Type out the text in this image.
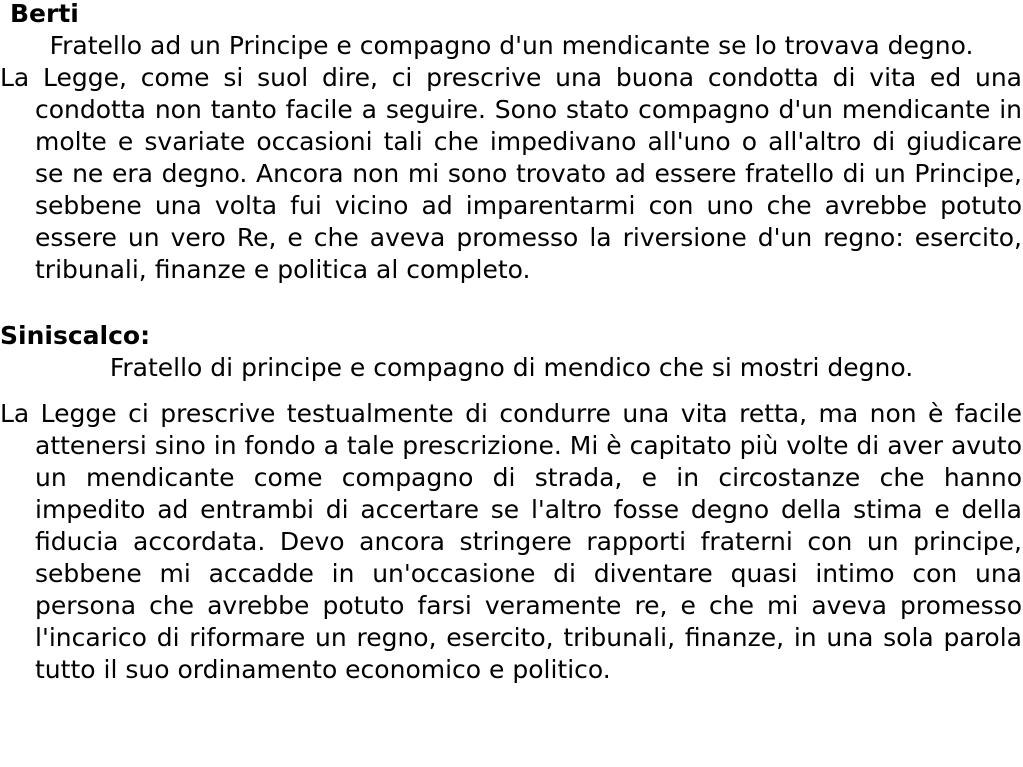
Berti

Fratello ad un Principe e compagno d'un mendicante se lo trovava degno.

La Legge, come si suol dire, ci prescrive una buona condotta di vita ed una condotta non tanto facile a seguire. Sono stato compagno d'un mendicante in molte e svariate occasioni tali che impedivano all'uno o all'altro di giudicare se ne era degno. Ancora non mi sono trovato ad essere fratello di un Principe, sebbene una volta fui vicino ad imparentarmi con uno che avrebbe potuto essere un vero Re, e che aveva promesso la riversione d'un regno: esercito, tribunali, finanze e politica al completo.

Siniscalco:

Fratello di principe e compagno di mendico che si mostri degno.

La Legge ci prescrive testualmente di condurre una vita retta, ma non è facile attenersi sino in fondo a tale prescrizione. Mi è capitato più volte di aver avuto un mendicante come compagno di strada, e in circostanze che hanno impedito ad entrambi di accertare se l'altro fosse degno della stima e della fiducia accordata. Devo ancora stringere rapporti fraterni con un principe, sebbene mi accadde in un'occasione di diventare quasi intimo con una persona che avrebbe potuto farsi veramente re, e che mi aveva promesso l'incarico di riformare un regno, esercito, tribunali, finanze, in una sola parola tutto il suo ordinamento economico e politico.
